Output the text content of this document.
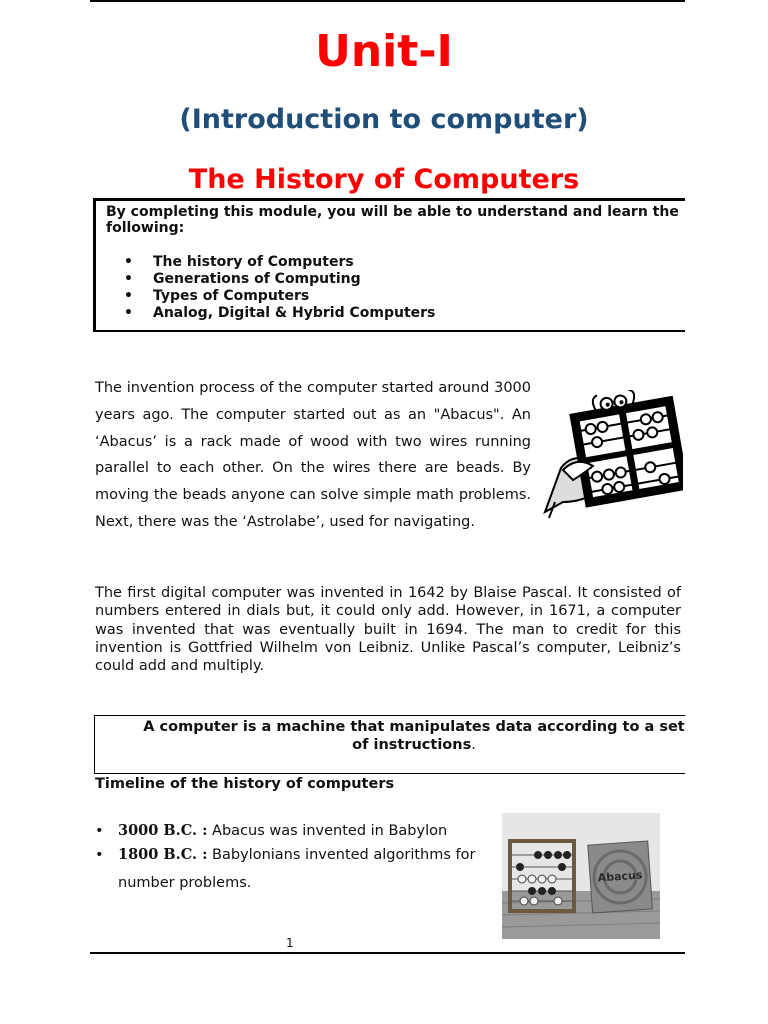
Unit-I
(Introduction to computer)
The History of Computers

By completing this module, you will be able to understand and learn the following:

• The history of Computers
• Generations of Computing
• Types of Computers
• Analog, Digital & Hybrid Computers

The invention process of the computer started around 3000 years ago. The computer started out as an "Abacus". An ‘Abacus’ is a rack made of wood with two wires running parallel to each other. On the wires there are beads. By moving the beads anyone can solve simple math problems. Next, there was the ‘Astrolabe’, used for navigating.

The first digital computer was invented in 1642 by Blaise Pascal. It consisted of numbers entered in dials but, it could only add. However, in 1671, a computer was invented that was eventually built in 1694. The man to credit for this invention is Gottfried Wilhelm von Leibniz. Unlike Pascal’s computer, Leibniz’s could add and multiply.

A computer is a machine that manipulates data according to a set of instructions.

Timeline of the history of computers
• 3000 B.C. : Abacus was invented in Babylon
• 1800 B.C. : Babylonians invented algorithms for
number problems.	Abacus
1
